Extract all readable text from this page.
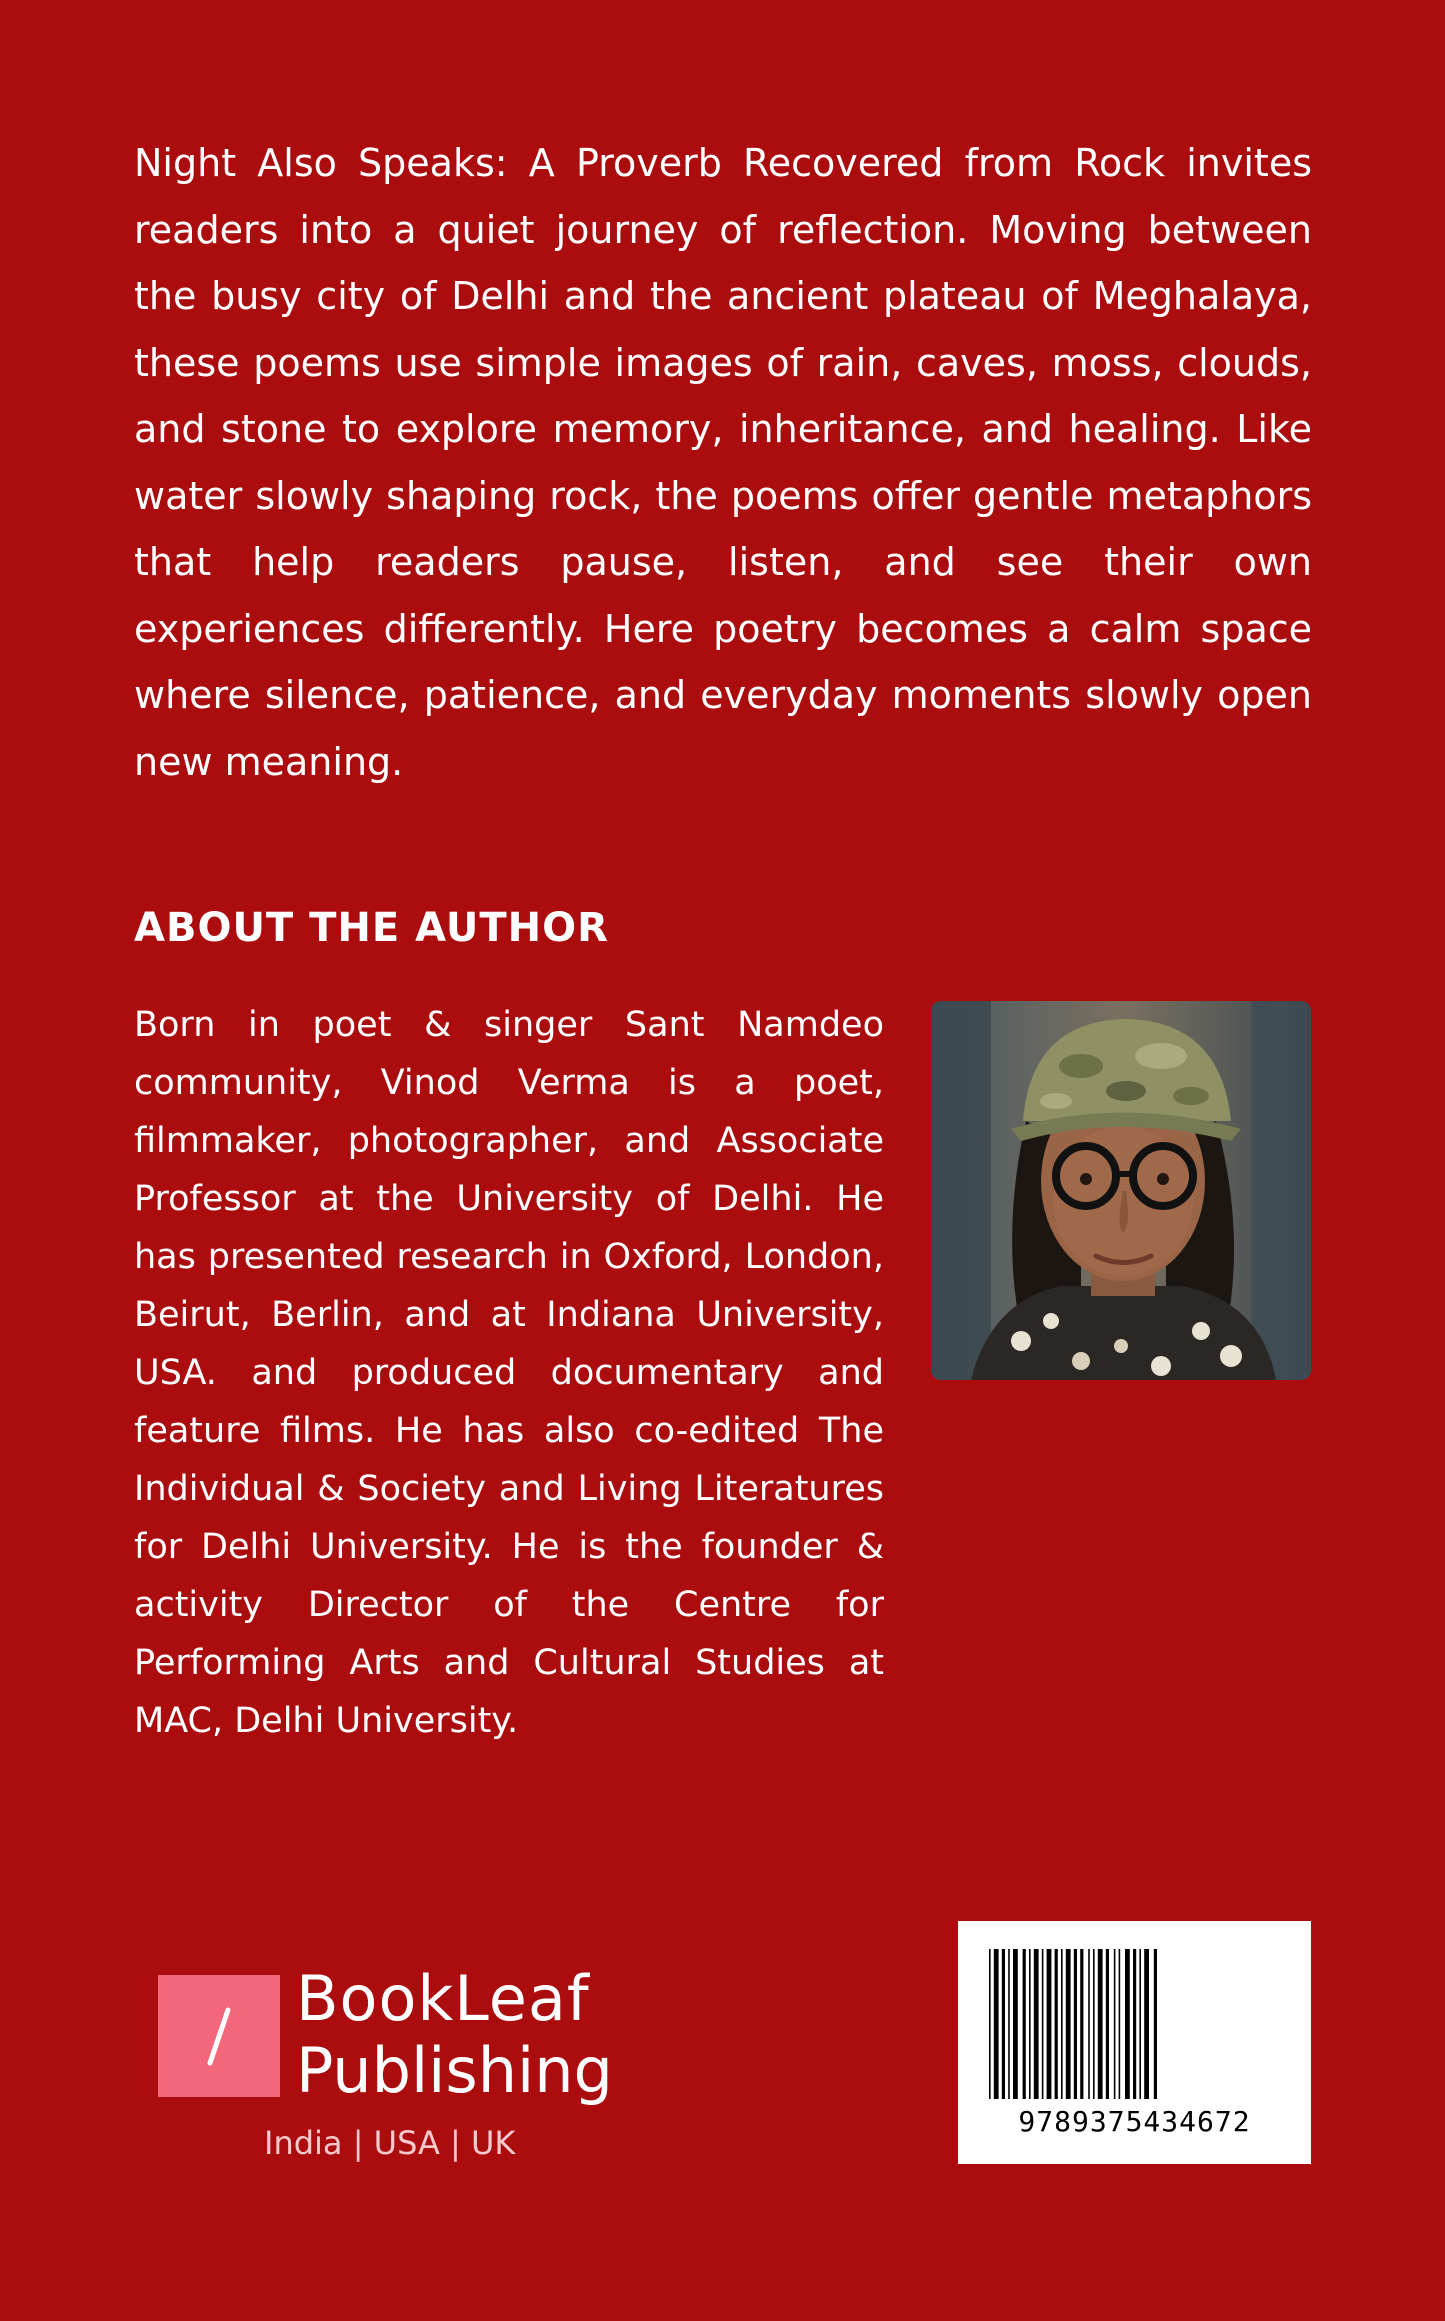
Night Also Speaks: A Proverb Recovered from Rock invites readers into a quiet journey of reflection. Moving between the busy city of Delhi and the ancient plateau of Meghalaya, these poems use simple images of rain, caves, moss, clouds, and stone to explore memory, inheritance, and healing. Like water slowly shaping rock, the poems offer gentle metaphors that help readers pause, listen, and see their own experiences differently. Here poetry becomes a calm space where silence, patience, and everyday moments slowly open new meaning.

ABOUT THE AUTHOR

Born in poet & singer Sant Namdeo community, Vinod Verma is a poet, filmmaker, photographer, and Associate Professor at the University of Delhi. He has presented research in Oxford, London, Beirut, Berlin, and at Indiana University, USA. and produced documentary and feature films. He has also co-edited The Individual & Society and Living Literatures for Delhi University. He is the founder & activity Director of the Centre for Performing Arts and Cultural Studies at MAC, Delhi University.

BookLeaf
Publishing
India | USA | UK
9789375434672
